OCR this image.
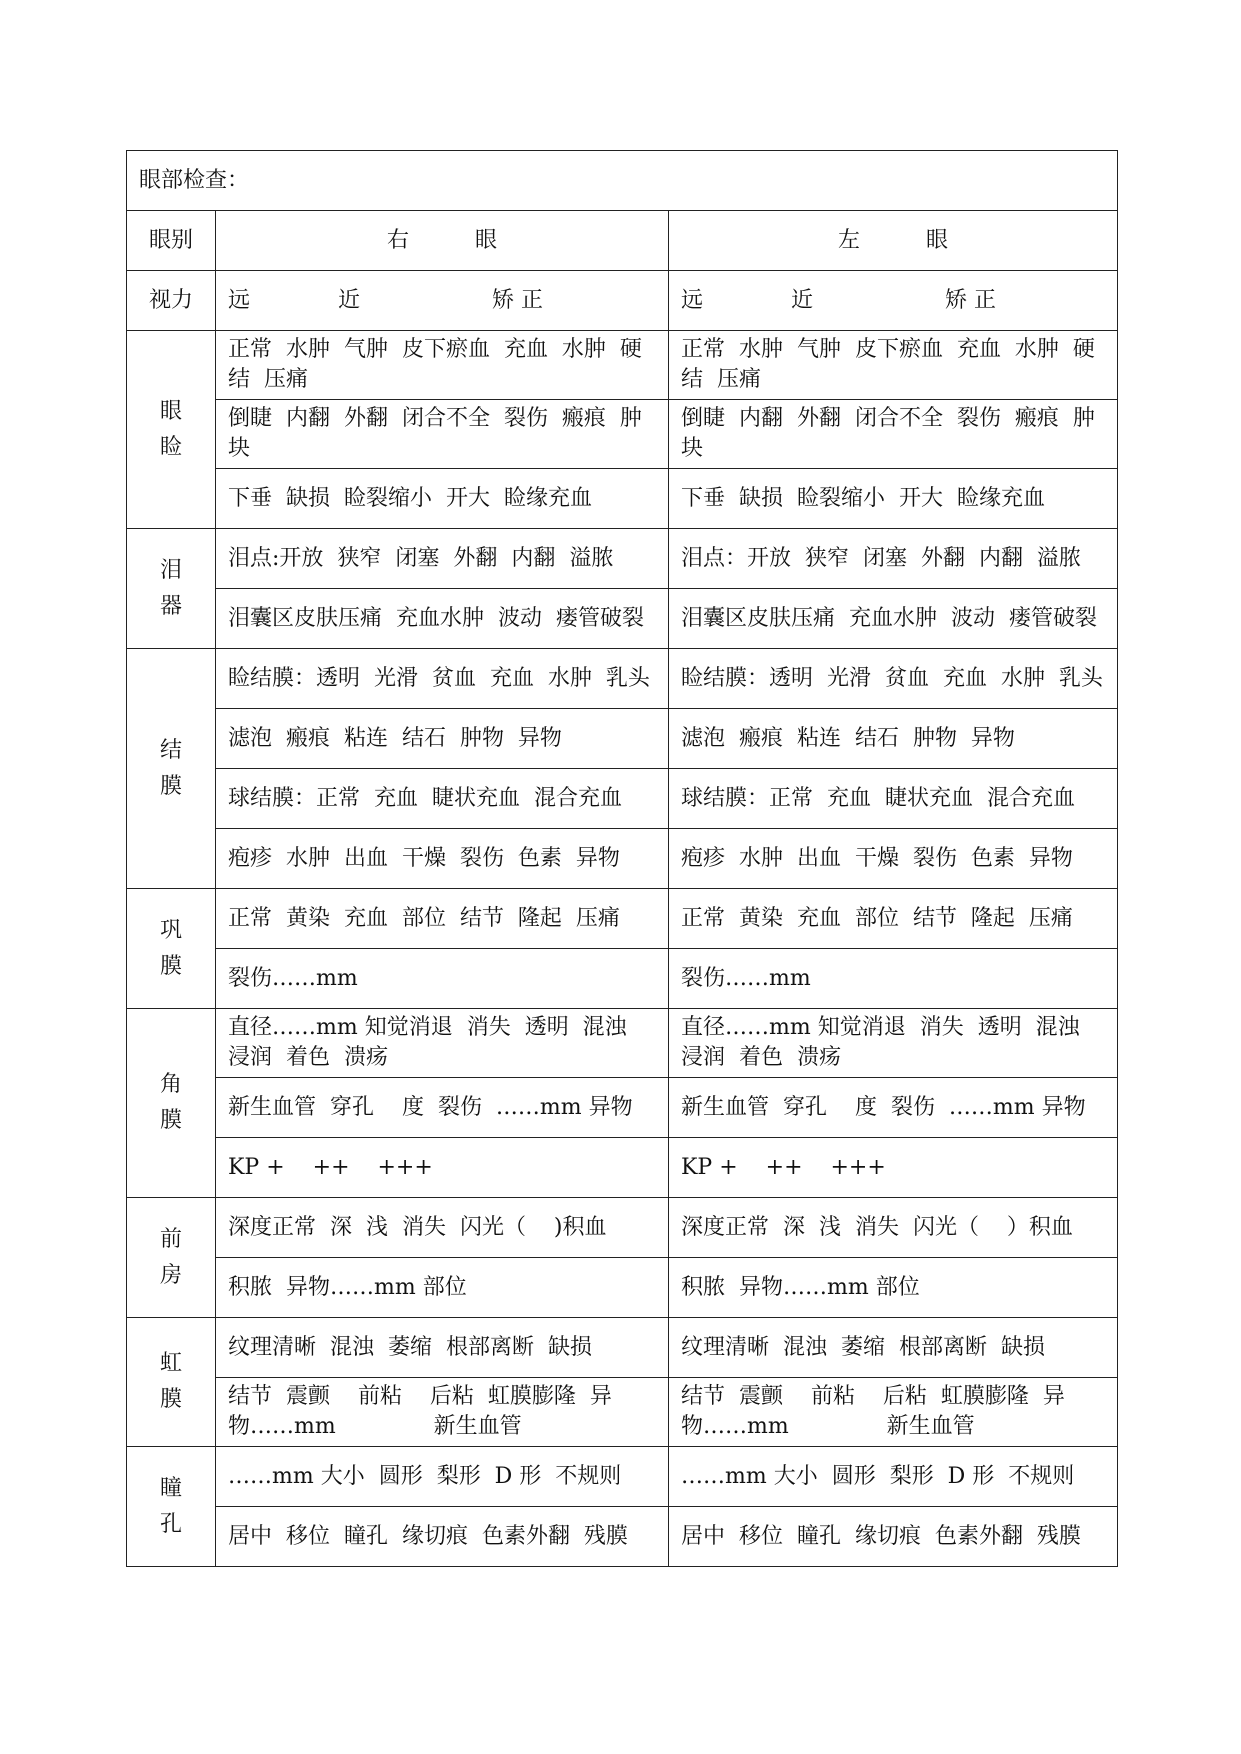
眼部检查：		
眼别	右　　　眼	左　　　眼
视力	远　　　　近　　　　　　矫 正	远　　　　近　　　　　　矫 正

眼
睑	正常  水肿  气肿  皮下瘀血  充血  水肿  硬结  压痛	正常  水肿  气肿  皮下瘀血  充血  水肿  硬结  压痛
	倒睫  内翻  外翻  闭合不全  裂伤  瘢痕  肿块	倒睫  内翻  外翻  闭合不全  裂伤  瘢痕  肿块
	下垂  缺损  睑裂缩小  开大  睑缘充血	下垂  缺损  睑裂缩小  开大  睑缘充血

泪
器	泪点:开放  狭窄  闭塞  外翻  内翻  溢脓	泪点：开放  狭窄  闭塞  外翻  内翻  溢脓
	泪囊区皮肤压痛  充血水肿  波动  瘘管破裂	泪囊区皮肤压痛  充血水肿  波动  瘘管破裂

结
膜	睑结膜：透明  光滑  贫血  充血  水肿  乳头	睑结膜：透明  光滑  贫血  充血  水肿  乳头
	滤泡  瘢痕  粘连  结石  肿物  异物	滤泡  瘢痕  粘连  结石  肿物  异物
	球结膜：正常  充血  睫状充血  混合充血	球结膜：正常  充血  睫状充血  混合充血
	疱疹  水肿  出血  干燥  裂伤  色素  异物	疱疹  水肿  出血  干燥  裂伤  色素  异物

巩
膜	正常  黄染  充血  部位  结节  隆起  压痛	正常  黄染  充血  部位  结节  隆起  压痛
	裂伤……mm	裂伤……mm

角
膜	直径……mm 知觉消退  消失  透明  混浊  浸润  着色  溃疡	直径……mm 知觉消退  消失  透明  混浊  浸润  着色  溃疡
	新生血管  穿孔    度  裂伤  ……mm 异物	新生血管  穿孔    度  裂伤  ……mm 异物
	KP +    ++    +++	KP +    ++    +++

前
房	深度正常  深  浅  消失  闪光（    )积血	深度正常  深  浅  消失  闪光（    ）积血
	积脓  异物……mm 部位	积脓  异物……mm 部位

虹
膜	纹理清晰  混浊  萎缩  根部离断  缺损	纹理清晰  混浊  萎缩  根部离断  缺损
	结节  震颤    前粘    后粘  虹膜膨隆  异物……mm              新生血管	结节  震颤    前粘    后粘  虹膜膨隆  异物……mm              新生血管

瞳
孔	……mm 大小  圆形  梨形  D 形  不规则	……mm 大小  圆形  梨形  D 形  不规则
	居中  移位  瞳孔  缘切痕  色素外翻  残膜	居中  移位  瞳孔  缘切痕  色素外翻  残膜
